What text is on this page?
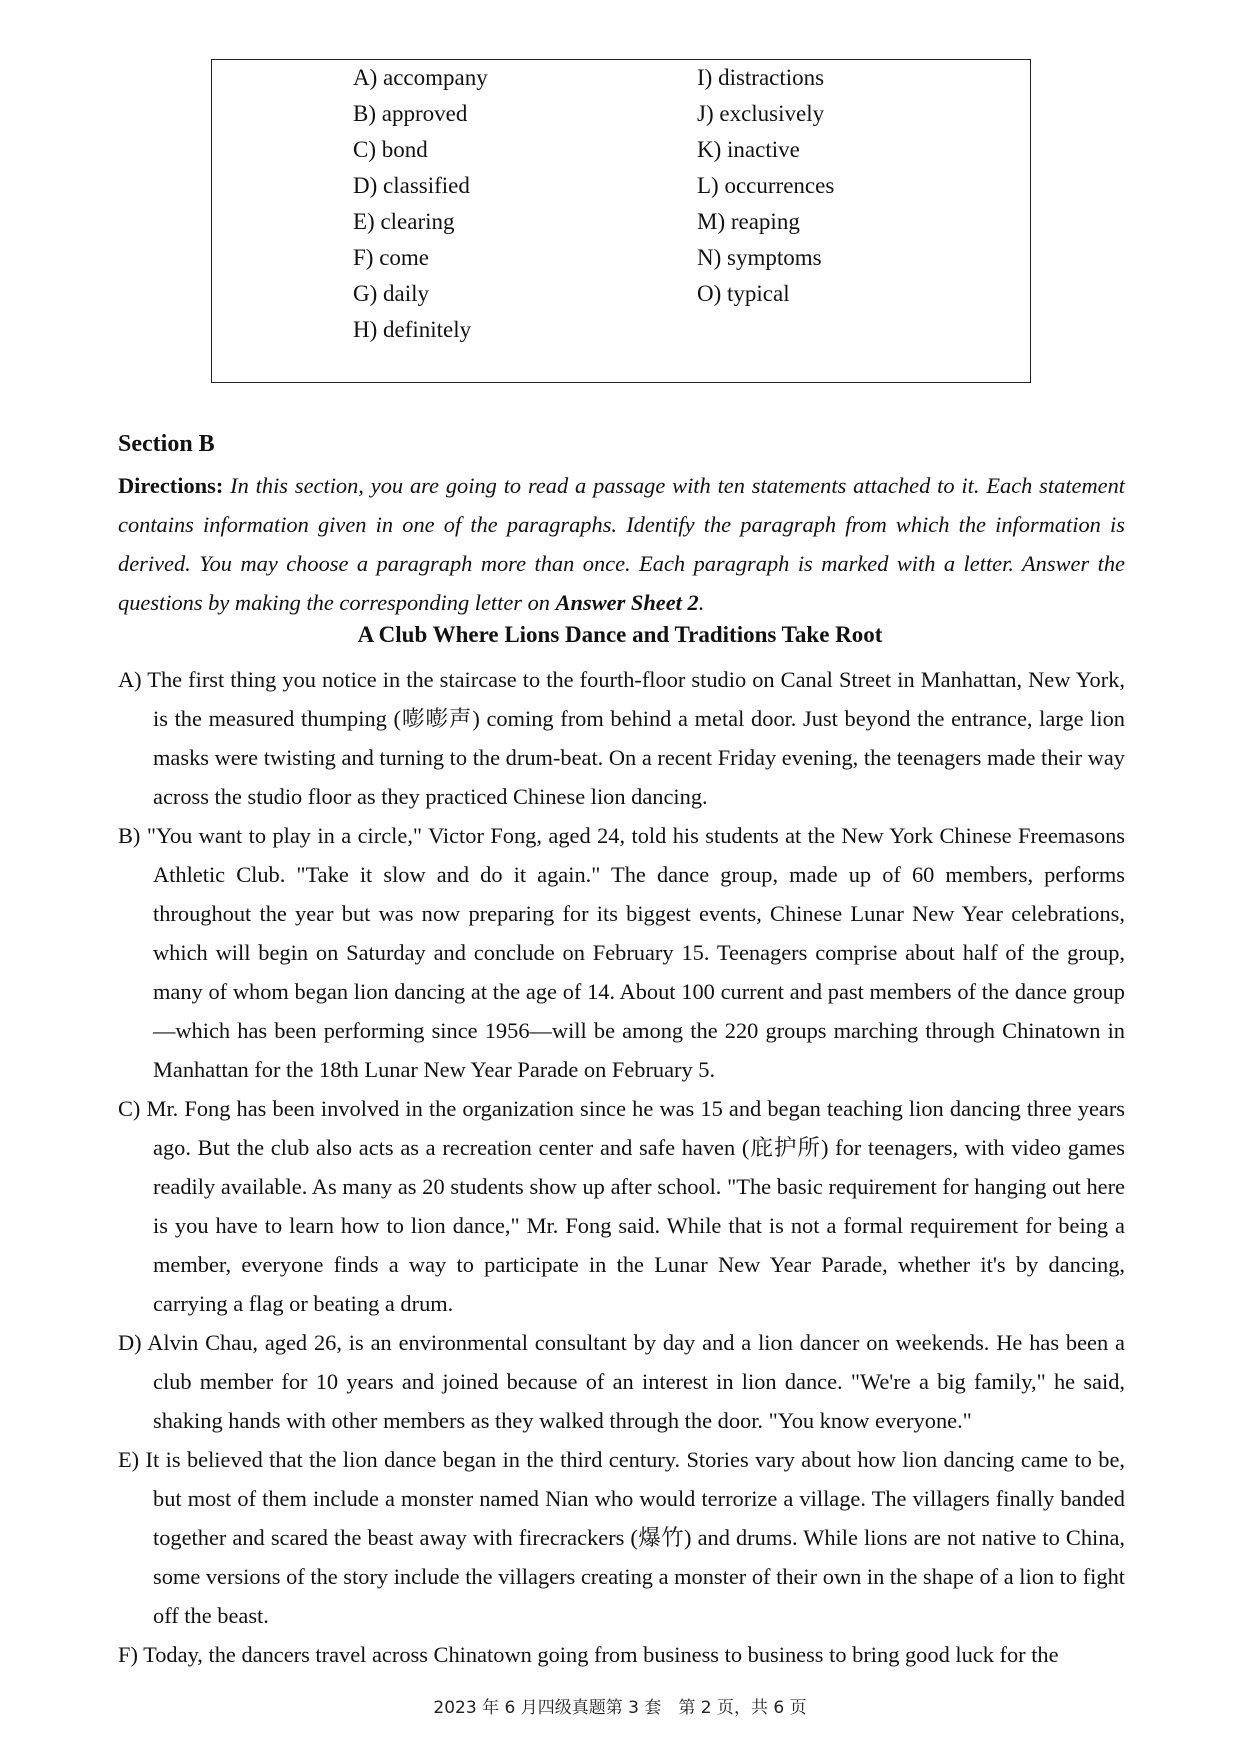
A) accompany
B) approved
C) bond
D) classified
E) clearing
F) come
G) daily
H) definitely
I) distractions
J) exclusively
K) inactive
L) occurrences
M) reaping
N) symptoms
O) typical
Section B
Directions: In this section, you are going to read a passage with ten statements attached to it. Each statement contains information given in one of the paragraphs. Identify the paragraph from which the information is derived. You may choose a paragraph more than once. Each paragraph is marked with a letter. Answer the questions by making the corresponding letter on Answer Sheet 2.
A Club Where Lions Dance and Traditions Take Root

A) The first thing you notice in the staircase to the fourth-floor studio on Canal Street in Manhattan, New York, is the measured thumping (嘭嘭声) coming from behind a metal door. Just beyond the entrance, large lion masks were twisting and turning to the drum-beat. On a recent Friday evening, the teenagers made their way across the studio floor as they practiced Chinese lion dancing.

B) "You want to play in a circle," Victor Fong, aged 24, told his students at the New York Chinese Freemasons Athletic Club. "Take it slow and do it again." The dance group, made up of 60 members, performs throughout the year but was now preparing for its biggest events, Chinese Lunar New Year celebrations, which will begin on Saturday and conclude on February 15. Teenagers comprise about half of the group, many of whom began lion dancing at the age of 14. About 100 current and past members of the dance group—which has been performing since 1956—will be among the 220 groups marching through Chinatown in Manhattan for the 18th Lunar New Year Parade on February 5.

C) Mr. Fong has been involved in the organization since he was 15 and began teaching lion dancing three years ago. But the club also acts as a recreation center and safe haven (庇护所) for teenagers, with video games readily available. As many as 20 students show up after school. "The basic requirement for hanging out here is you have to learn how to lion dance," Mr. Fong said. While that is not a formal requirement for being a member, everyone finds a way to participate in the Lunar New Year Parade, whether it's by dancing, carrying a flag or beating a drum.

D) Alvin Chau, aged 26, is an environmental consultant by day and a lion dancer on weekends. He has been a club member for 10 years and joined because of an interest in lion dance. "We're a big family," he said, shaking hands with other members as they walked through the door. "You know everyone."

E) It is believed that the lion dance began in the third century. Stories vary about how lion dancing came to be, but most of them include a monster named Nian who would terrorize a village. The villagers finally banded together and scared the beast away with firecrackers (爆竹) and drums. While lions are not native to China, some versions of the story include the villagers creating a monster of their own in the shape of a lion to fight off the beast.

F) Today, the dancers travel across Chinatown going from business to business to bring good luck for the

2023 年 6 月四级真题第 3 套　第 2 页，共 6 页
